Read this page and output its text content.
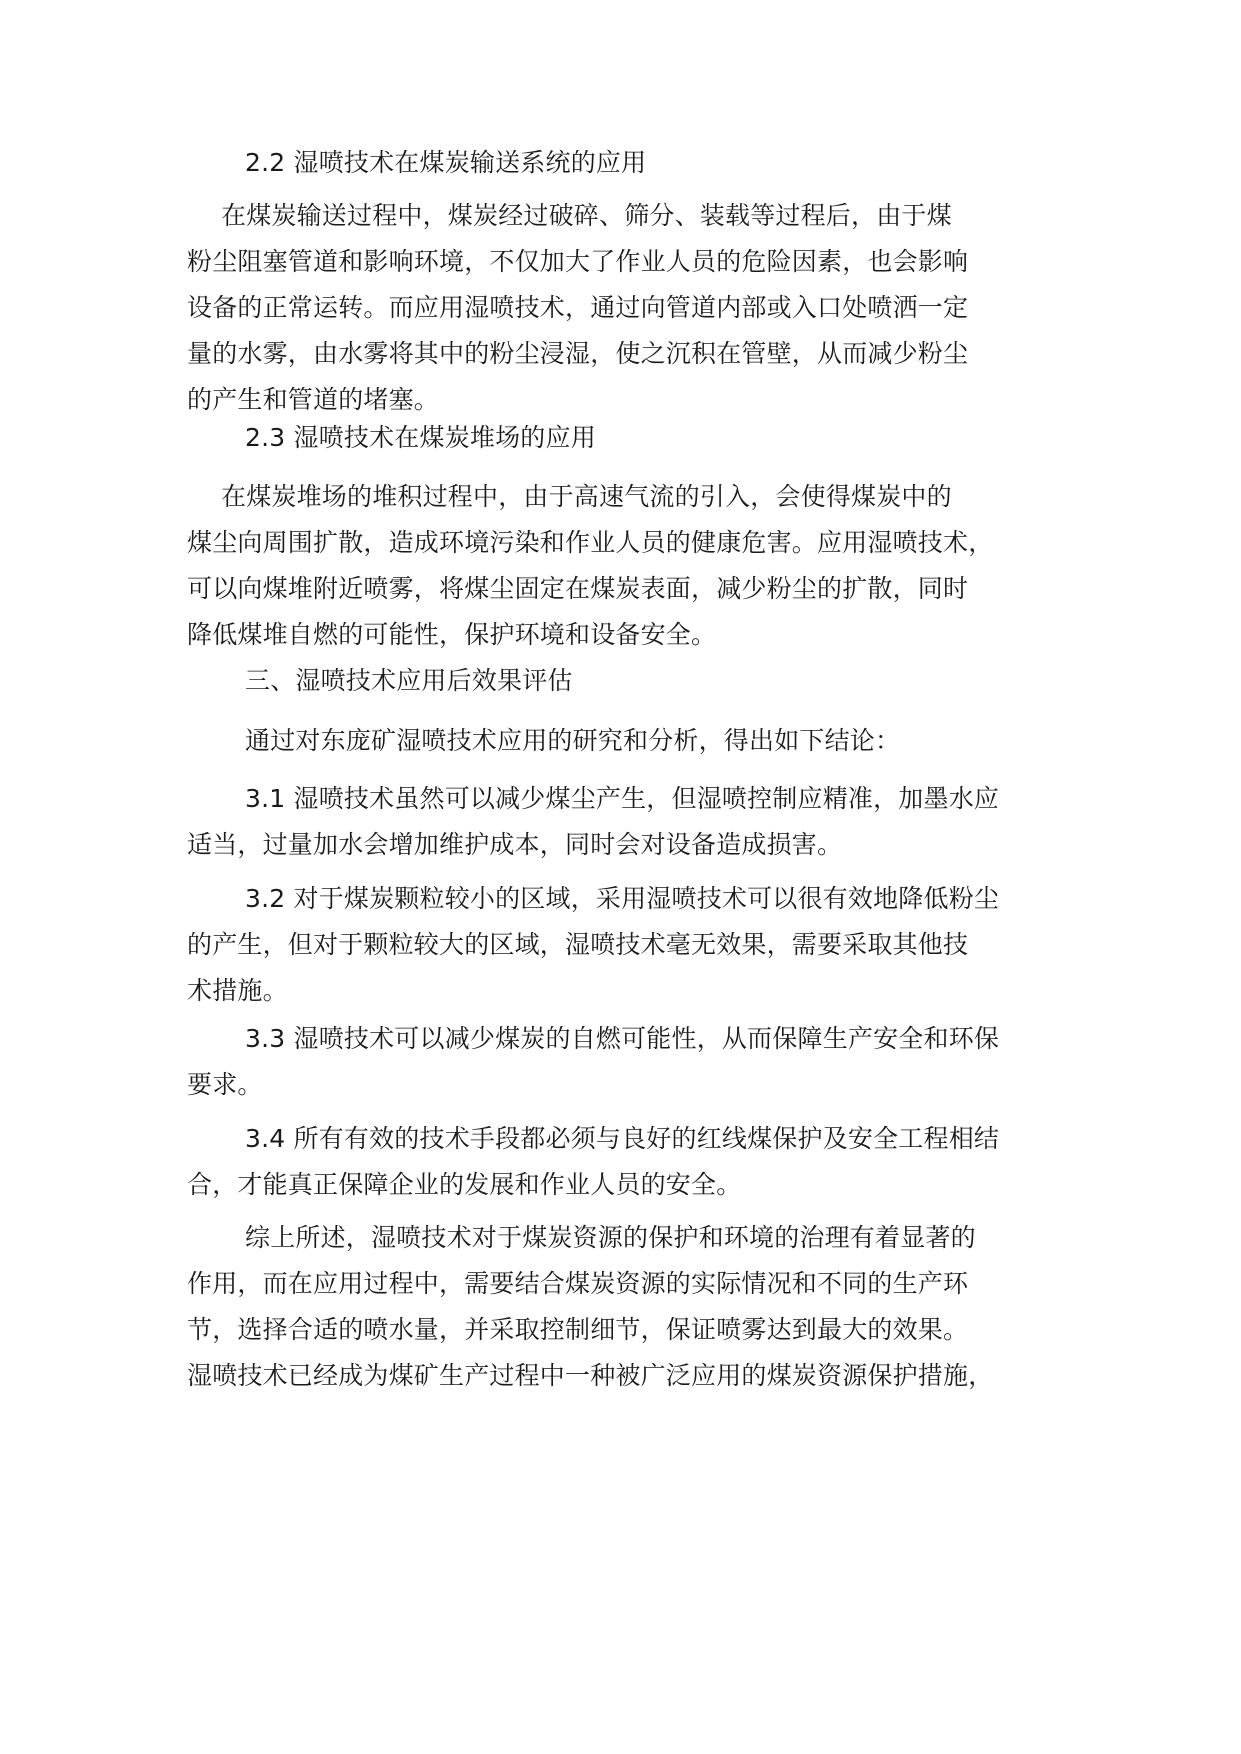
2.2 湿喷技术在煤炭输送系统的应用
在煤炭输送过程中，煤炭经过破碎、筛分、装载等过程后，由于煤
粉尘阻塞管道和影响环境，不仅加大了作业人员的危险因素，也会影响
设备的正常运转。而应用湿喷技术，通过向管道内部或入口处喷洒一定
量的水雾，由水雾将其中的粉尘浸湿，使之沉积在管壁，从而减少粉尘
的产生和管道的堵塞。
2.3 湿喷技术在煤炭堆场的应用
在煤炭堆场的堆积过程中，由于高速气流的引入，会使得煤炭中的
煤尘向周围扩散，造成环境污染和作业人员的健康危害。应用湿喷技术，
可以向煤堆附近喷雾，将煤尘固定在煤炭表面，减少粉尘的扩散，同时
降低煤堆自燃的可能性，保护环境和设备安全。
三、湿喷技术应用后效果评估
通过对东庞矿湿喷技术应用的研究和分析，得出如下结论：
3.1 湿喷技术虽然可以减少煤尘产生，但湿喷控制应精准，加墨水应
适当，过量加水会增加维护成本，同时会对设备造成损害。
3.2 对于煤炭颗粒较小的区域，采用湿喷技术可以很有效地降低粉尘
的产生，但对于颗粒较大的区域，湿喷技术毫无效果，需要采取其他技
术措施。
3.3 湿喷技术可以减少煤炭的自燃可能性，从而保障生产安全和环保
要求。
3.4 所有有效的技术手段都必须与良好的红线煤保护及安全工程相结
合，才能真正保障企业的发展和作业人员的安全。
综上所述，湿喷技术对于煤炭资源的保护和环境的治理有着显著的
作用，而在应用过程中，需要结合煤炭资源的实际情况和不同的生产环
节，选择合适的喷水量，并采取控制细节，保证喷雾达到最大的效果。
湿喷技术已经成为煤矿生产过程中一种被广泛应用的煤炭资源保护措施，
